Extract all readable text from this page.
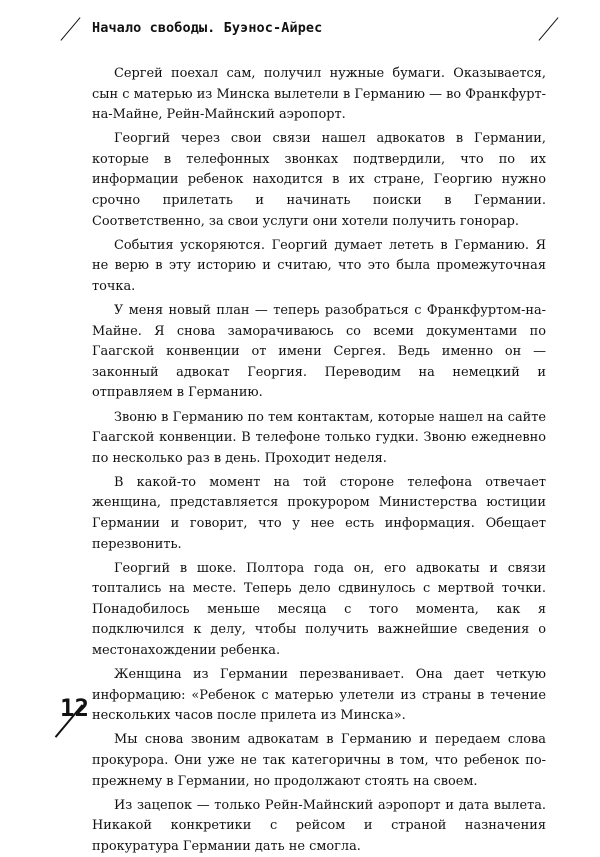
Начало свободы. Буэнос-Айрес

Сергей поехал сам, получил нужные бумаги. Оказывается, сын с матерью из Минска вылетели в Германию — во Франкфурт-на-Майне, Рейн-Майнский аэропорт.

Георгий через свои связи нашел адвокатов в Германии, которые в телефонных звонках подтвердили, что по их информации ребенок находится в их стране, Георгию нужно срочно прилетать и начинать поиски в Германии. Соответственно, за свои услуги они хотели получить гонорар.

События ускоряются. Георгий думает лететь в Германию. Я не верю в эту историю и считаю, что это была промежуточная точка.

У меня новый план — теперь разобраться с Франкфуртом-на-Майне. Я снова заморачиваюсь со всеми документами по Гаагской конвенции от имени Сергея. Ведь именно он — законный адвокат Георгия. Переводим на немецкий и отправляем в Германию.

Звоню в Германию по тем контактам, которые нашел на сайте Гаагской конвенции. В телефоне только гудки. Звоню ежедневно по несколько раз в день. Проходит неделя.

В какой-то момент на той стороне телефона отвечает женщина, представляется прокурором Министерства юстиции Германии и говорит, что у нее есть информация. Обещает перезвонить.

Георгий в шоке. Полтора года он, его адвокаты и связи топтались на месте. Теперь дело сдвинулось с мертвой точки. Понадобилось меньше месяца с того момента, как я подключился к делу, чтобы получить важнейшие сведения о местонахождении ребенка.

Женщина из Германии перезванивает. Она дает четкую информацию: «Ребенок с матерью улетели из страны в течение нескольких часов после прилета из Минска».

Мы снова звоним адвокатам в Германию и передаем слова прокурора. Они уже не так категоричны в том, что ребенок по-прежнему в Германии, но продолжают стоять на своем.

Из зацепок — только Рейн-Майнский аэропорт и дата вылета. Никакой конкретики с рейсом и страной назначения прокуратура Германии дать не смогла.

12
